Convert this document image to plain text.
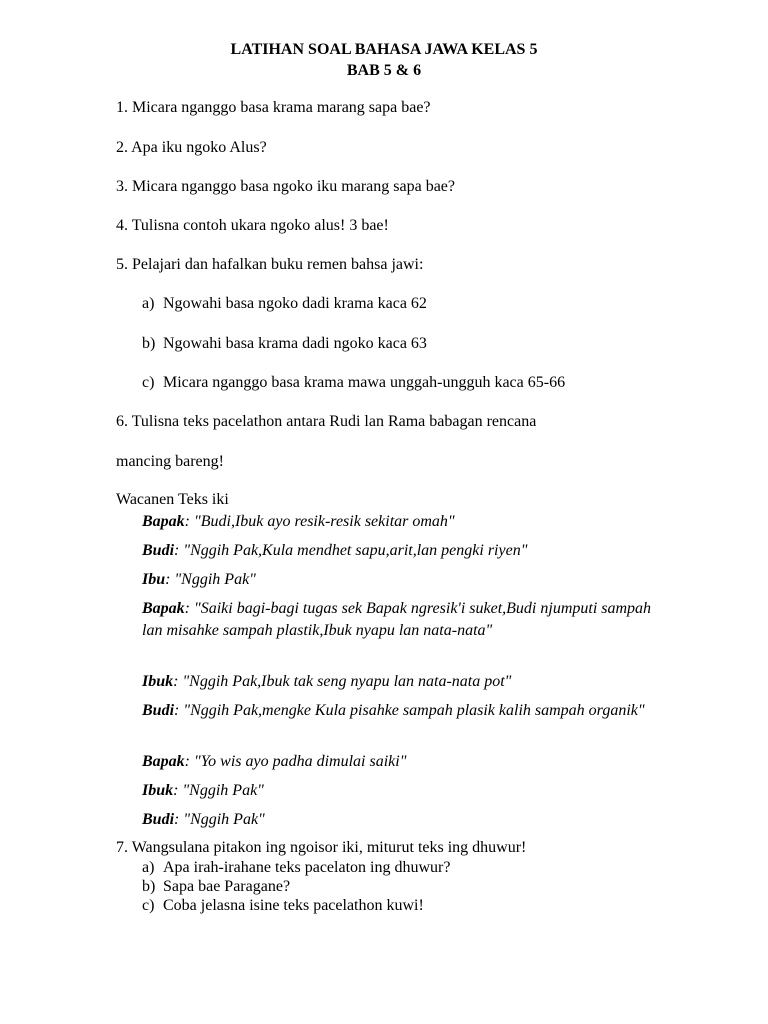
LATIHAN SOAL BAHASA JAWA KELAS 5
BAB 5 & 6
1. Micara nganggo basa krama marang sapa bae?
2. Apa iku ngoko Alus?
3. Micara nganggo basa ngoko iku marang sapa bae?
4. Tulisna contoh ukara ngoko alus! 3 bae!
5. Pelajari dan hafalkan buku remen bahsa jawi:
a) Ngowahi basa ngoko dadi krama kaca 62
b) Ngowahi basa krama dadi ngoko kaca 63
c) Micara nganggo basa krama mawa unggah-ungguh kaca 65-66
6. Tulisna teks pacelathon antara Rudi lan Rama babagan rencana
mancing bareng!
Wacanen Teks iki
Bapak: "Budi,Ibuk ayo resik-resik sekitar omah"
Budi: "Nggih Pak,Kula mendhet sapu,arit,lan pengki riyen"
Ibu: "Nggih Pak"
Bapak: "Saiki bagi-bagi tugas sek Bapak ngresik'i suket,Budi njumputi sampah lan misahke sampah plastik,Ibuk nyapu lan nata-nata"
Ibuk: "Nggih Pak,Ibuk tak seng nyapu lan nata-nata pot"
Budi: "Nggih Pak,mengke Kula pisahke sampah plasik kalih sampah organik"
Bapak: "Yo wis ayo padha dimulai saiki"
Ibuk: "Nggih Pak"
Budi: "Nggih Pak"
7. Wangsulana pitakon ing ngoisor iki, miturut teks ing dhuwur!
a) Apa irah-irahane teks pacelaton ing dhuwur?
b) Sapa bae Paragane?
c) Coba jelasna isine teks pacelathon kuwi!
